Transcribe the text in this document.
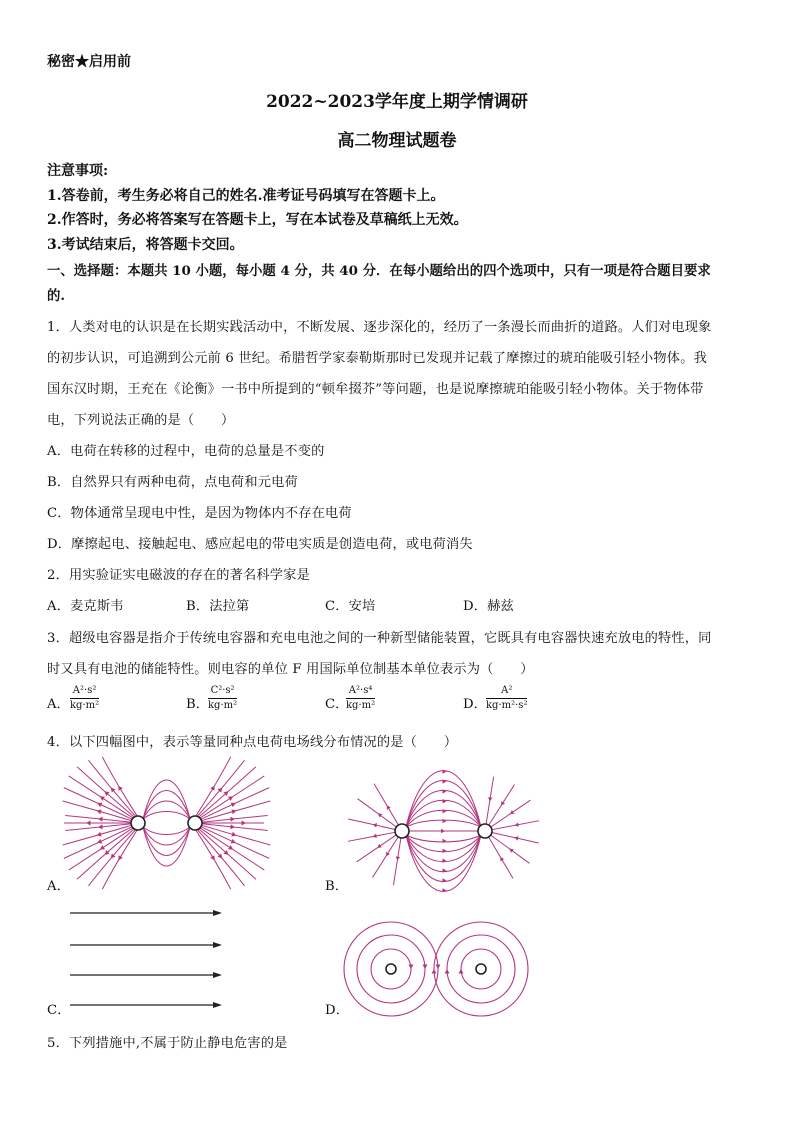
秘密★启用前
2022~2023学年度上期学情调研
高二物理试题卷
注意事项:
1.答卷前，考生务必将自己的姓名.准考证号码填写在答题卡上。
2.作答时，务必将答案写在答题卡上，写在本试卷及草稿纸上无效。
3.考试结束后，将答题卡交回。
一、选择题：本题共 10 小题，每小题 4 分，共 40 分．在每小题给出的四个选项中，只有一项是符合题目要求
的.
1．人类对电的认识是在长期实践活动中，不断发展、逐步深化的，经历了一条漫长而曲折的道路。人们对电现象
的初步认识，可追溯到公元前 6 世纪。希腊哲学家泰勒斯那时已发现并记载了摩擦过的琥珀能吸引轻小物体。我
国东汉时期，王充在《论衡》一书中所提到的“顿牟掇芥”等问题，也是说摩擦琥珀能吸引轻小物体。关于物体带
电，下列说法正确的是（　　）
A．电荷在转移的过程中，电荷的总量是不变的
B．自然界只有两种电荷，点电荷和元电荷
C．物体通常呈现电中性，是因为物体内不存在电荷
D．摩擦起电、接触起电、感应起电的带电实质是创造电荷，或电荷消失
2．用实验证实电磁波的存在的著名科学家是
A．麦克斯韦	B．法拉第	C．安培	D．赫兹
3．超级电容器是指介于传统电容器和充电电池之间的一种新型储能装置，它既具有电容器快速充放电的特性，同
时又具有电池的储能特性。则电容的单位 F 用国际单位制基本单位表示为（　　）
A． $\frac{\text{A²·s²}}{\text{kg·m²}}$	B． $\frac{\text{C²·s²}}{\text{kg·m²}}$	C．
$\frac{\text{A²·s⁴}}{\text{kg·m²}}$	D． $\frac{\text{A²}}{\text{kg·m²·s²}}$
4．以下四幅图中，表示等量同种点电荷电场线分布情况的是（　　）
A．	B．
C．	D．
5．下列措施中,不属于防止静电危害的是
